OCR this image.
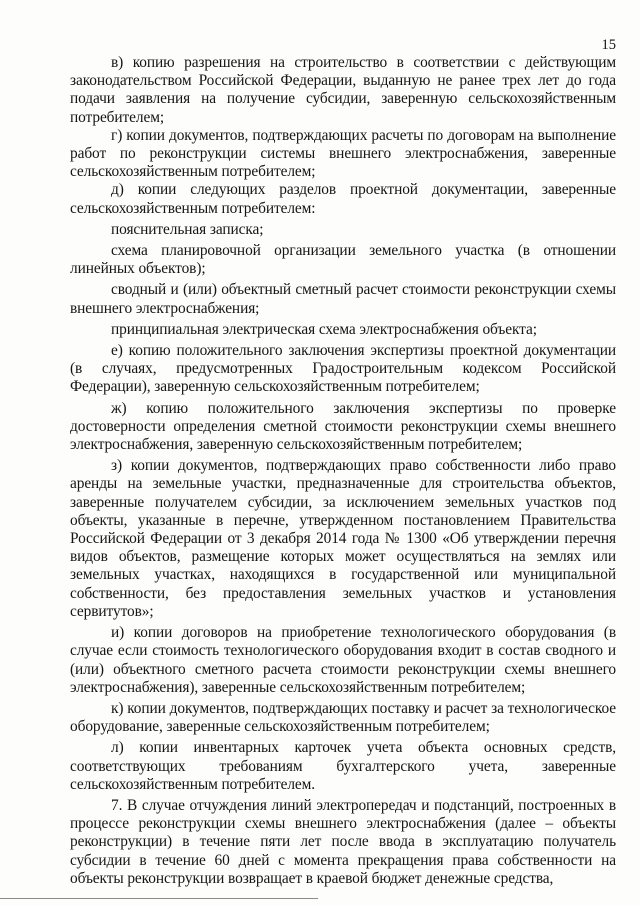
15

в) копию разрешения на строительство в соответствии с действующим законодательством Российской Федерации, выданную не ранее трех лет до года подачи заявления на получение субсидии, заверенную сельскохозяйственным потребителем;

г) копии документов, подтверждающих расчеты по договорам на выполнение работ по реконструкции системы внешнего электроснабжения, заверенные сельскохозяйственным потребителем;

д) копии следующих разделов проектной документации, заверенные сельскохозяйственным потребителем:

пояснительная записка;

схема планировочной организации земельного участка (в отношении линейных объектов);

сводный и (или) объектный сметный расчет стоимости реконструкции схемы внешнего электроснабжения;

принципиальная электрическая схема электроснабжения объекта;

е) копию положительного заключения экспертизы проектной документации (в случаях, предусмотренных Градостроительным кодексом Российской Федерации), заверенную сельскохозяйственным потребителем;

ж) копию положительного заключения экспертизы по проверке достоверности определения сметной стоимости реконструкции схемы внешнего электроснабжения, заверенную сельскохозяйственным потребителем;

з) копии документов, подтверждающих право собственности либо право аренды на земельные участки, предназначенные для строительства объектов, заверенные получателем субсидии, за исключением земельных участков под объекты, указанные в перечне, утвержденном постановлением Правительства Российской Федерации от 3 декабря 2014 года № 1300 «Об утверждении перечня видов объектов, размещение которых может осуществляться на землях или земельных участках, находящихся в государственной или муниципальной собственности, без предоставления земельных участков и установления сервитутов»;

и) копии договоров на приобретение технологического оборудования (в случае если стоимость технологического оборудования входит в состав сводного и (или) объектного сметного расчета стоимости реконструкции схемы внешнего электроснабжения), заверенные сельскохозяйственным потребителем;

к) копии документов, подтверждающих поставку и расчет за технологическое оборудование, заверенные сельскохозяйственным потребителем;

л) копии инвентарных карточек учета объекта основных средств, соответствующих требованиям бухгалтерского учета, заверенные сельскохозяйственным потребителем.

7. В случае отчуждения линий электропередач и подстанций, построенных в процессе реконструкции схемы внешнего электроснабжения (далее – объекты реконструкции) в течение пяти лет после ввода в эксплуатацию получатель субсидии в течение 60 дней с момента прекращения права собственности на объекты реконструкции возвращает в краевой бюджет денежные средства,
